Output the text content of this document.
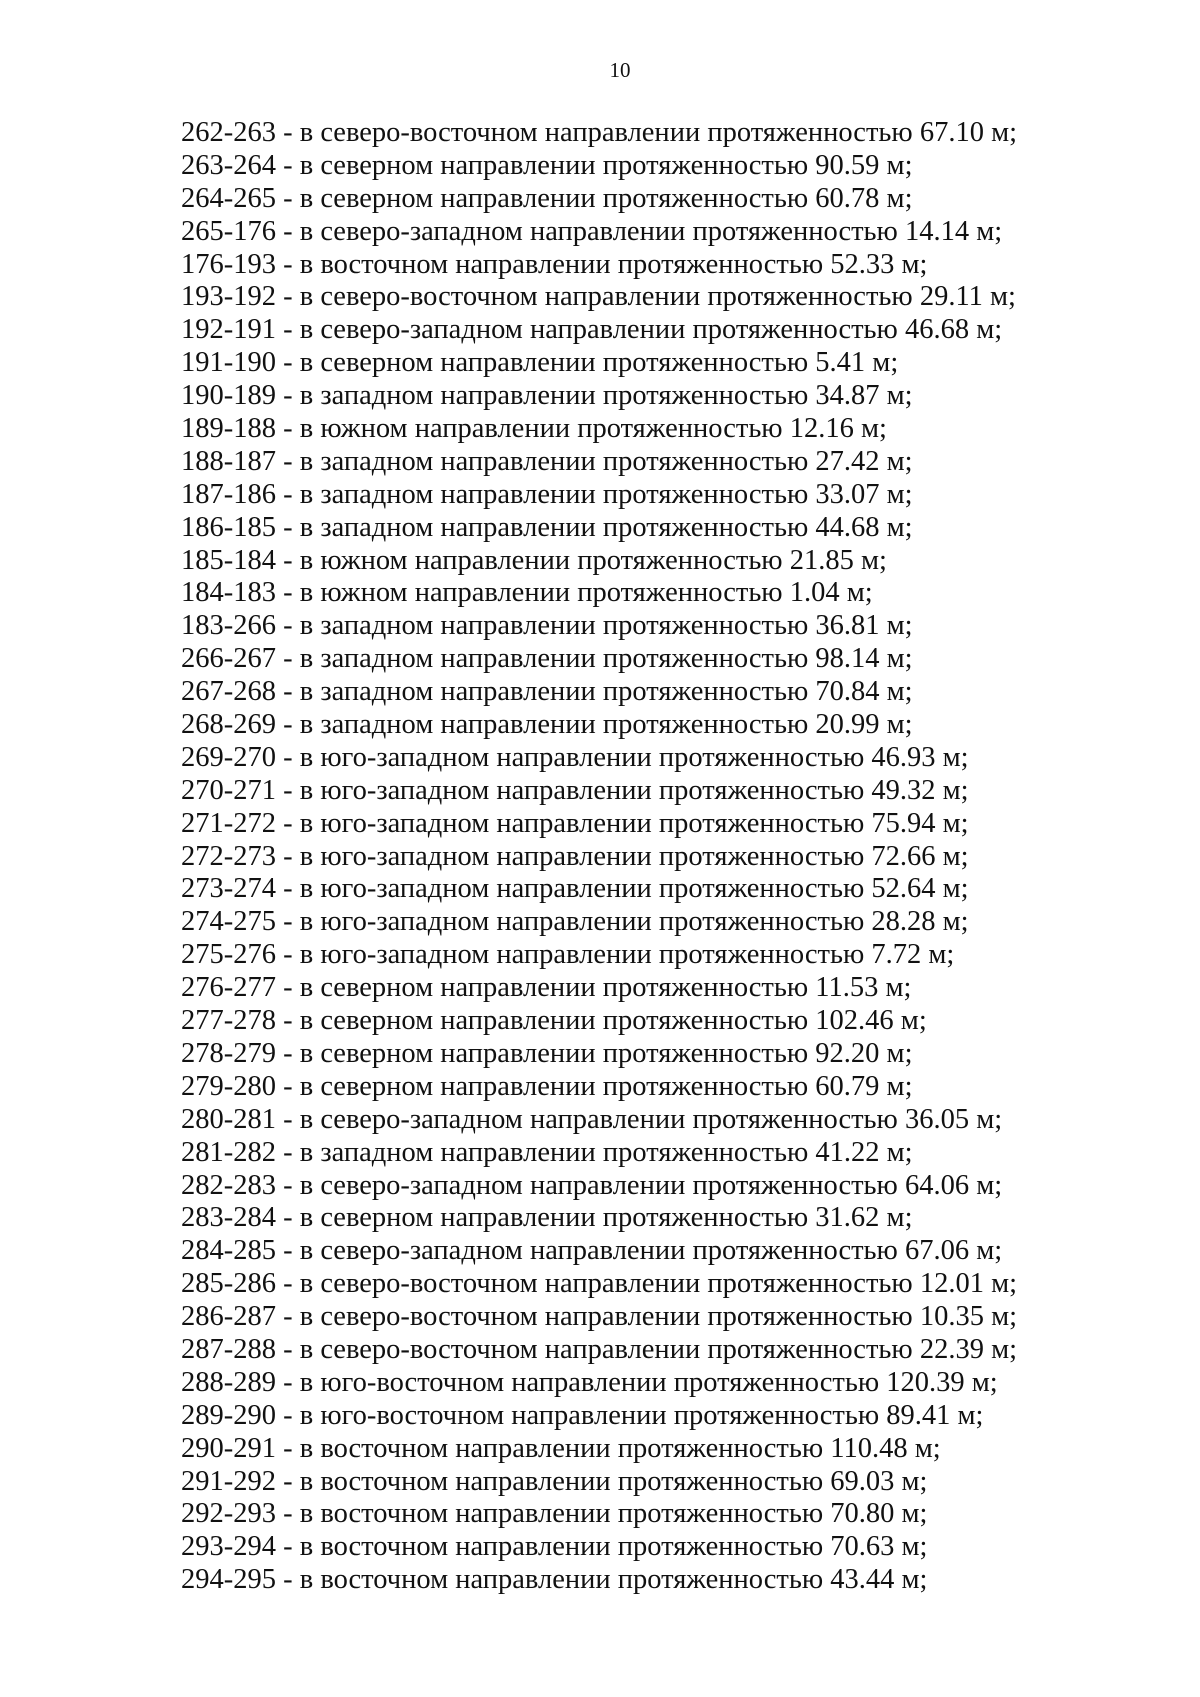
10
262-263 - в северо-восточном направлении протяженностью 67.10 м;
263-264 - в северном направлении протяженностью 90.59 м;
264-265 - в северном направлении протяженностью 60.78 м;
265-176 - в северо-западном направлении протяженностью 14.14 м;
176-193 - в восточном направлении протяженностью 52.33 м;
193-192 - в северо-восточном направлении протяженностью 29.11 м;
192-191 - в северо-западном направлении протяженностью 46.68 м;
191-190 - в северном направлении протяженностью 5.41 м;
190-189 - в западном направлении протяженностью 34.87 м;
189-188 - в южном направлении протяженностью 12.16 м;
188-187 - в западном направлении протяженностью 27.42 м;
187-186 - в западном направлении протяженностью 33.07 м;
186-185 - в западном направлении протяженностью 44.68 м;
185-184 - в южном направлении протяженностью 21.85 м;
184-183 - в южном направлении протяженностью 1.04 м;
183-266 - в западном направлении протяженностью 36.81 м;
266-267 - в западном направлении протяженностью 98.14 м;
267-268 - в западном направлении протяженностью 70.84 м;
268-269 - в западном направлении протяженностью 20.99 м;
269-270 - в юго-западном направлении протяженностью 46.93 м;
270-271 - в юго-западном направлении протяженностью 49.32 м;
271-272 - в юго-западном направлении протяженностью 75.94 м;
272-273 - в юго-западном направлении протяженностью 72.66 м;
273-274 - в юго-западном направлении протяженностью 52.64 м;
274-275 - в юго-западном направлении протяженностью 28.28 м;
275-276 - в юго-западном направлении протяженностью 7.72 м;
276-277 - в северном направлении протяженностью 11.53 м;
277-278 - в северном направлении протяженностью 102.46 м;
278-279 - в северном направлении протяженностью 92.20 м;
279-280 - в северном направлении протяженностью 60.79 м;
280-281 - в северо-западном направлении протяженностью 36.05 м;
281-282 - в западном направлении протяженностью 41.22 м;
282-283 - в северо-западном направлении протяженностью 64.06 м;
283-284 - в северном направлении протяженностью 31.62 м;
284-285 - в северо-западном направлении протяженностью 67.06 м;
285-286 - в северо-восточном направлении протяженностью 12.01 м;
286-287 - в северо-восточном направлении протяженностью 10.35 м;
287-288 - в северо-восточном направлении протяженностью 22.39 м;
288-289 - в юго-восточном направлении протяженностью 120.39 м;
289-290 - в юго-восточном направлении протяженностью 89.41 м;
290-291 - в восточном направлении протяженностью 110.48 м;
291-292 - в восточном направлении протяженностью 69.03 м;
292-293 - в восточном направлении протяженностью 70.80 м;
293-294 - в восточном направлении протяженностью 70.63 м;
294-295 - в восточном направлении протяженностью 43.44 м;
